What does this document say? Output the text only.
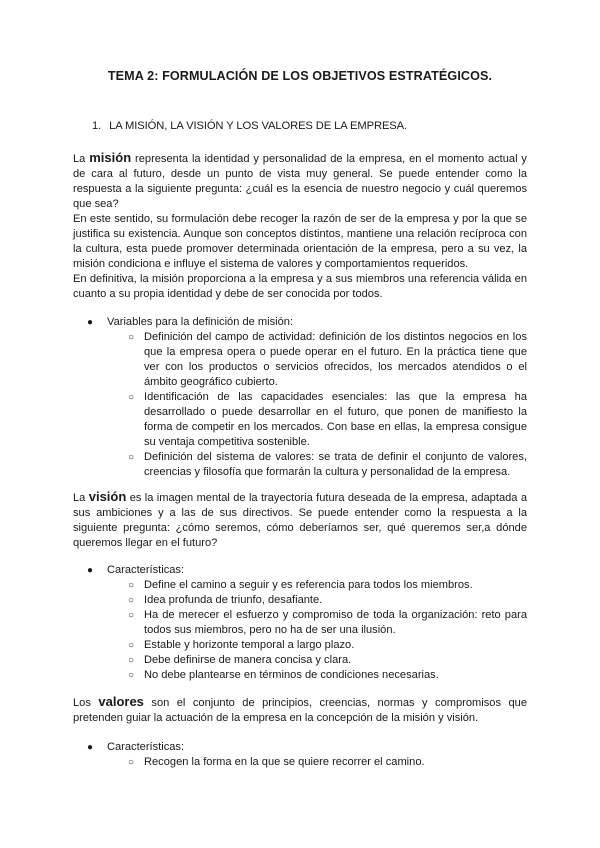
TEMA 2: FORMULACIÓN DE LOS OBJETIVOS ESTRATÉGICOS.
1. LA MISIÓN, LA VISIÓN Y LOS VALORES DE LA EMPRESA.

La misión representa la identidad y personalidad de la empresa, en el momento actual y de cara al futuro, desde un punto de vista muy general. Se puede entender como la respuesta a la siguiente pregunta: ¿cuál es la esencia de nuestro negocio y cuál queremos que sea?

En este sentido, su formulación debe recoger la razón de ser de la empresa y por la que se justifica su existencia. Aunque son conceptos distintos, mantiene una relación recíproca con la cultura, esta puede promover determinada orientación de la empresa, pero a su vez, la misión condiciona e influye el sistema de valores y comportamientos requeridos.

En definitiva, la misión proporciona a la empresa y a sus miembros una referencia válida en cuanto a su propia identidad y debe de ser conocida por todos.

● Variables para la definición de misión:
○ Definición del campo de actividad: definición de los distintos negocios en los que la empresa opera o puede operar en el futuro. En la práctica tiene que ver con los productos o servicios ofrecidos, los mercados atendidos o el ámbito geográfico cubierto.
○ Identificación de las capacidades esenciales: las que la empresa ha desarrollado o puede desarrollar en el futuro, que ponen de manifiesto la forma de competir en los mercados. Con base en ellas, la empresa consigue su ventaja competitiva sostenible.
○ Definición del sistema de valores: se trata de definir el conjunto de valores, creencias y filosofía que formarán la cultura y personalidad de la empresa.

La visión es la imagen mental de la trayectoria futura deseada de la empresa, adaptada a sus ambiciones y a las de sus directivos. Se puede entender como la respuesta a la siguiente pregunta: ¿cómo seremos, cómo deberíamos ser, qué queremos ser,a dónde queremos llegar en el futuro?

● Características:
○ Define el camino a seguir y es referencia para todos los miembros.
○ Idea profunda de triunfo, desafiante.
○ Ha de merecer el esfuerzo y compromiso de toda la organización: reto para todos sus miembros, pero no ha de ser una ilusión.
○ Estable y horizonte temporal a largo plazo.
○ Debe definirse de manera concisa y clara.
○ No debe plantearse en términos de condiciones necesarias.

Los valores son el conjunto de principios, creencias, normas y compromisos que pretenden guiar la actuación de la empresa en la concepción de la misión y visión.

● Características:
○ Recogen la forma en la que se quiere recorrer el camino.
